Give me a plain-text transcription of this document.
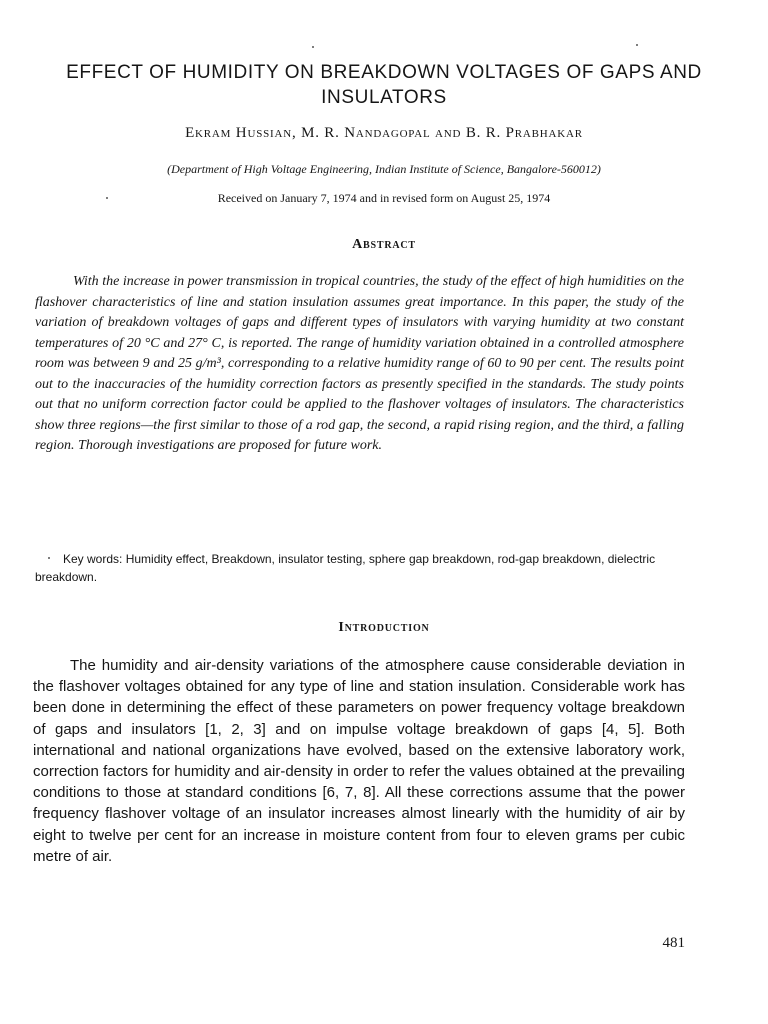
EFFECT OF HUMIDITY ON BREAKDOWN VOLTAGES OF GAPS AND INSULATORS

Ekram Hussian, M. R. Nandagopal and B. R. Prabhakar

(Department of High Voltage Engineering, Indian Institute of Science, Bangalore-560012)

Received on January 7, 1974 and in revised form on August 25, 1974

Abstract

With the increase in power transmission in tropical countries, the study of the effect of high humidities on the flashover characteristics of line and station insulation assumes great importance. In this paper, the study of the variation of breakdown voltages of gaps and different types of insulators with varying humidity at two constant temperatures of 20 °C and 27° C, is reported. The range of humidity variation obtained in a controlled atmosphere room was between 9 and 25 g/m³, corresponding to a relative humidity range of 60 to 90 per cent. The results point out to the inaccuracies of the humidity correction factors as presently specified in the standards. The study points out that no uniform correction factor could be applied to the flashover voltages of insulators. The characteristics show three regions—the first similar to those of a rod gap, the second, a rapid rising region, and the third, a falling region. Thorough investigations are proposed for future work.

Key words: Humidity effect, Breakdown, insulator testing, sphere gap breakdown, rod-gap breakdown, dielectric breakdown.

Introduction

The humidity and air-density variations of the atmosphere cause considerable deviation in the flashover voltages obtained for any type of line and station insulation. Considerable work has been done in determining the effect of these parameters on power frequency voltage breakdown of gaps and insulators [1, 2, 3] and on impulse voltage breakdown of gaps [4, 5]. Both international and national organizations have evolved, based on the extensive laboratory work, correction factors for humidity and air-density in order to refer the values obtained at the prevailing conditions to those at standard conditions [6, 7, 8]. All these corrections assume that the power frequency flashover voltage of an insulator increases almost linearly with the humidity of air by eight to twelve per cent for an increase in moisture content from four to eleven grams per cubic metre of air.

481
